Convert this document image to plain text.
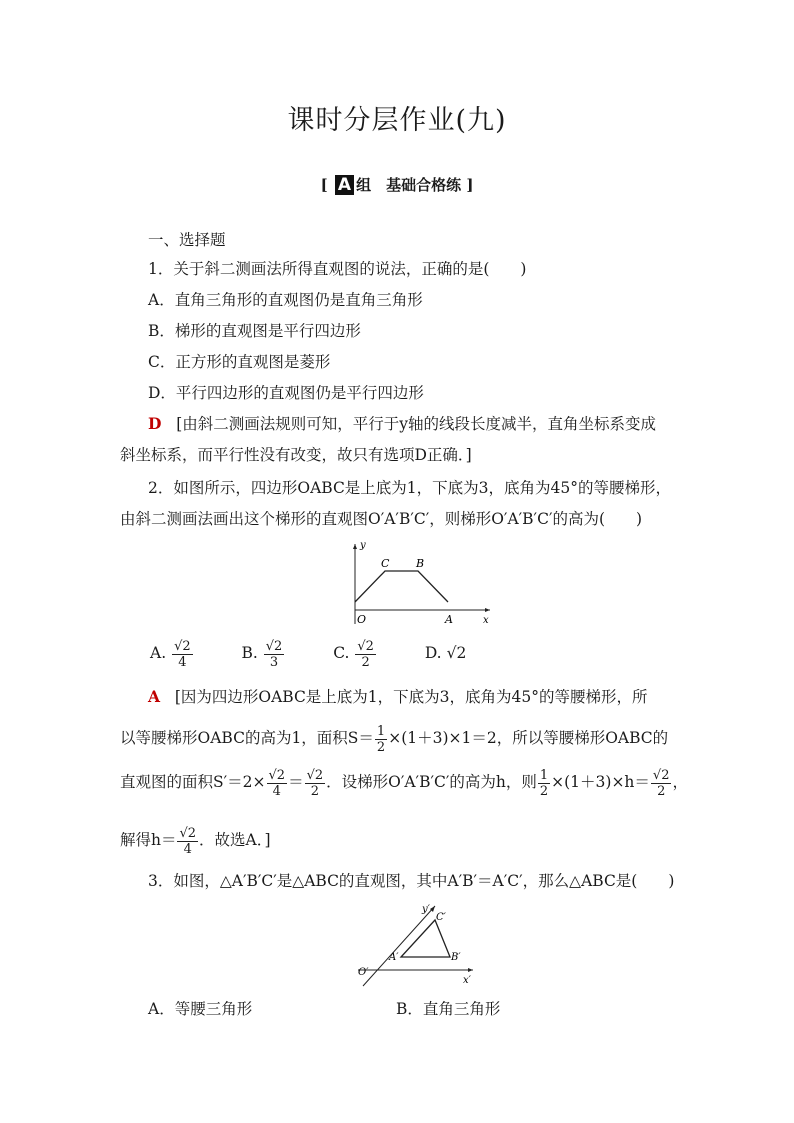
课时分层作业(九)
[ A 组　基础合格练 ]
一、选择题
1．关于斜二测画法所得直观图的说法，正确的是(　　)
A．直角三角形的直观图仍是直角三角形
B．梯形的直观图是平行四边形
C．正方形的直观图是菱形
D．平行四边形的直观图仍是平行四边形
D [由斜二测画法规则可知，平行于y轴的线段长度减半，直角坐标系变成
斜坐标系，而平行性没有改变，故只有选项D正确．]
2．如图所示，四边形OABC是上底为1，下底为3，底角为45°的等腰梯形，
由斜二测画法画出这个梯形的直观图O′A′B′C′，则梯形O′A′B′C′的高为(　　)
y
x
O	A
B
C
A. $\frac{√2}{4}$	B. $\frac{√2}{3}$	C. $\frac{√2}{2}$	D. √2
A [因为四边形OABC是上底为1，下底为3，底角为45°的等腰梯形，所
以等腰梯形OABC的高为1，面积$S= \frac{1}{2} \times(1+3)\times 1=2$，所以等腰梯形OABC的
直观图的面积$S'=2\times \frac{√2}{4} = \frac{√2}{2}$ ．设梯形O′A′B′C′的高为h，则 $\frac{1}{2} \times(1+3)\times h= \frac{√2}{2}$ ，
解得$h= \frac{√2}{4}$ ．故选A．]
3．如图，△A′B′C′是△ABC的直观图，其中A′B′＝A′C′，那么△ABC是(　　)
y′
x′
O′
A′	B′
C′
A．等腰三角形	B．直角三角形
